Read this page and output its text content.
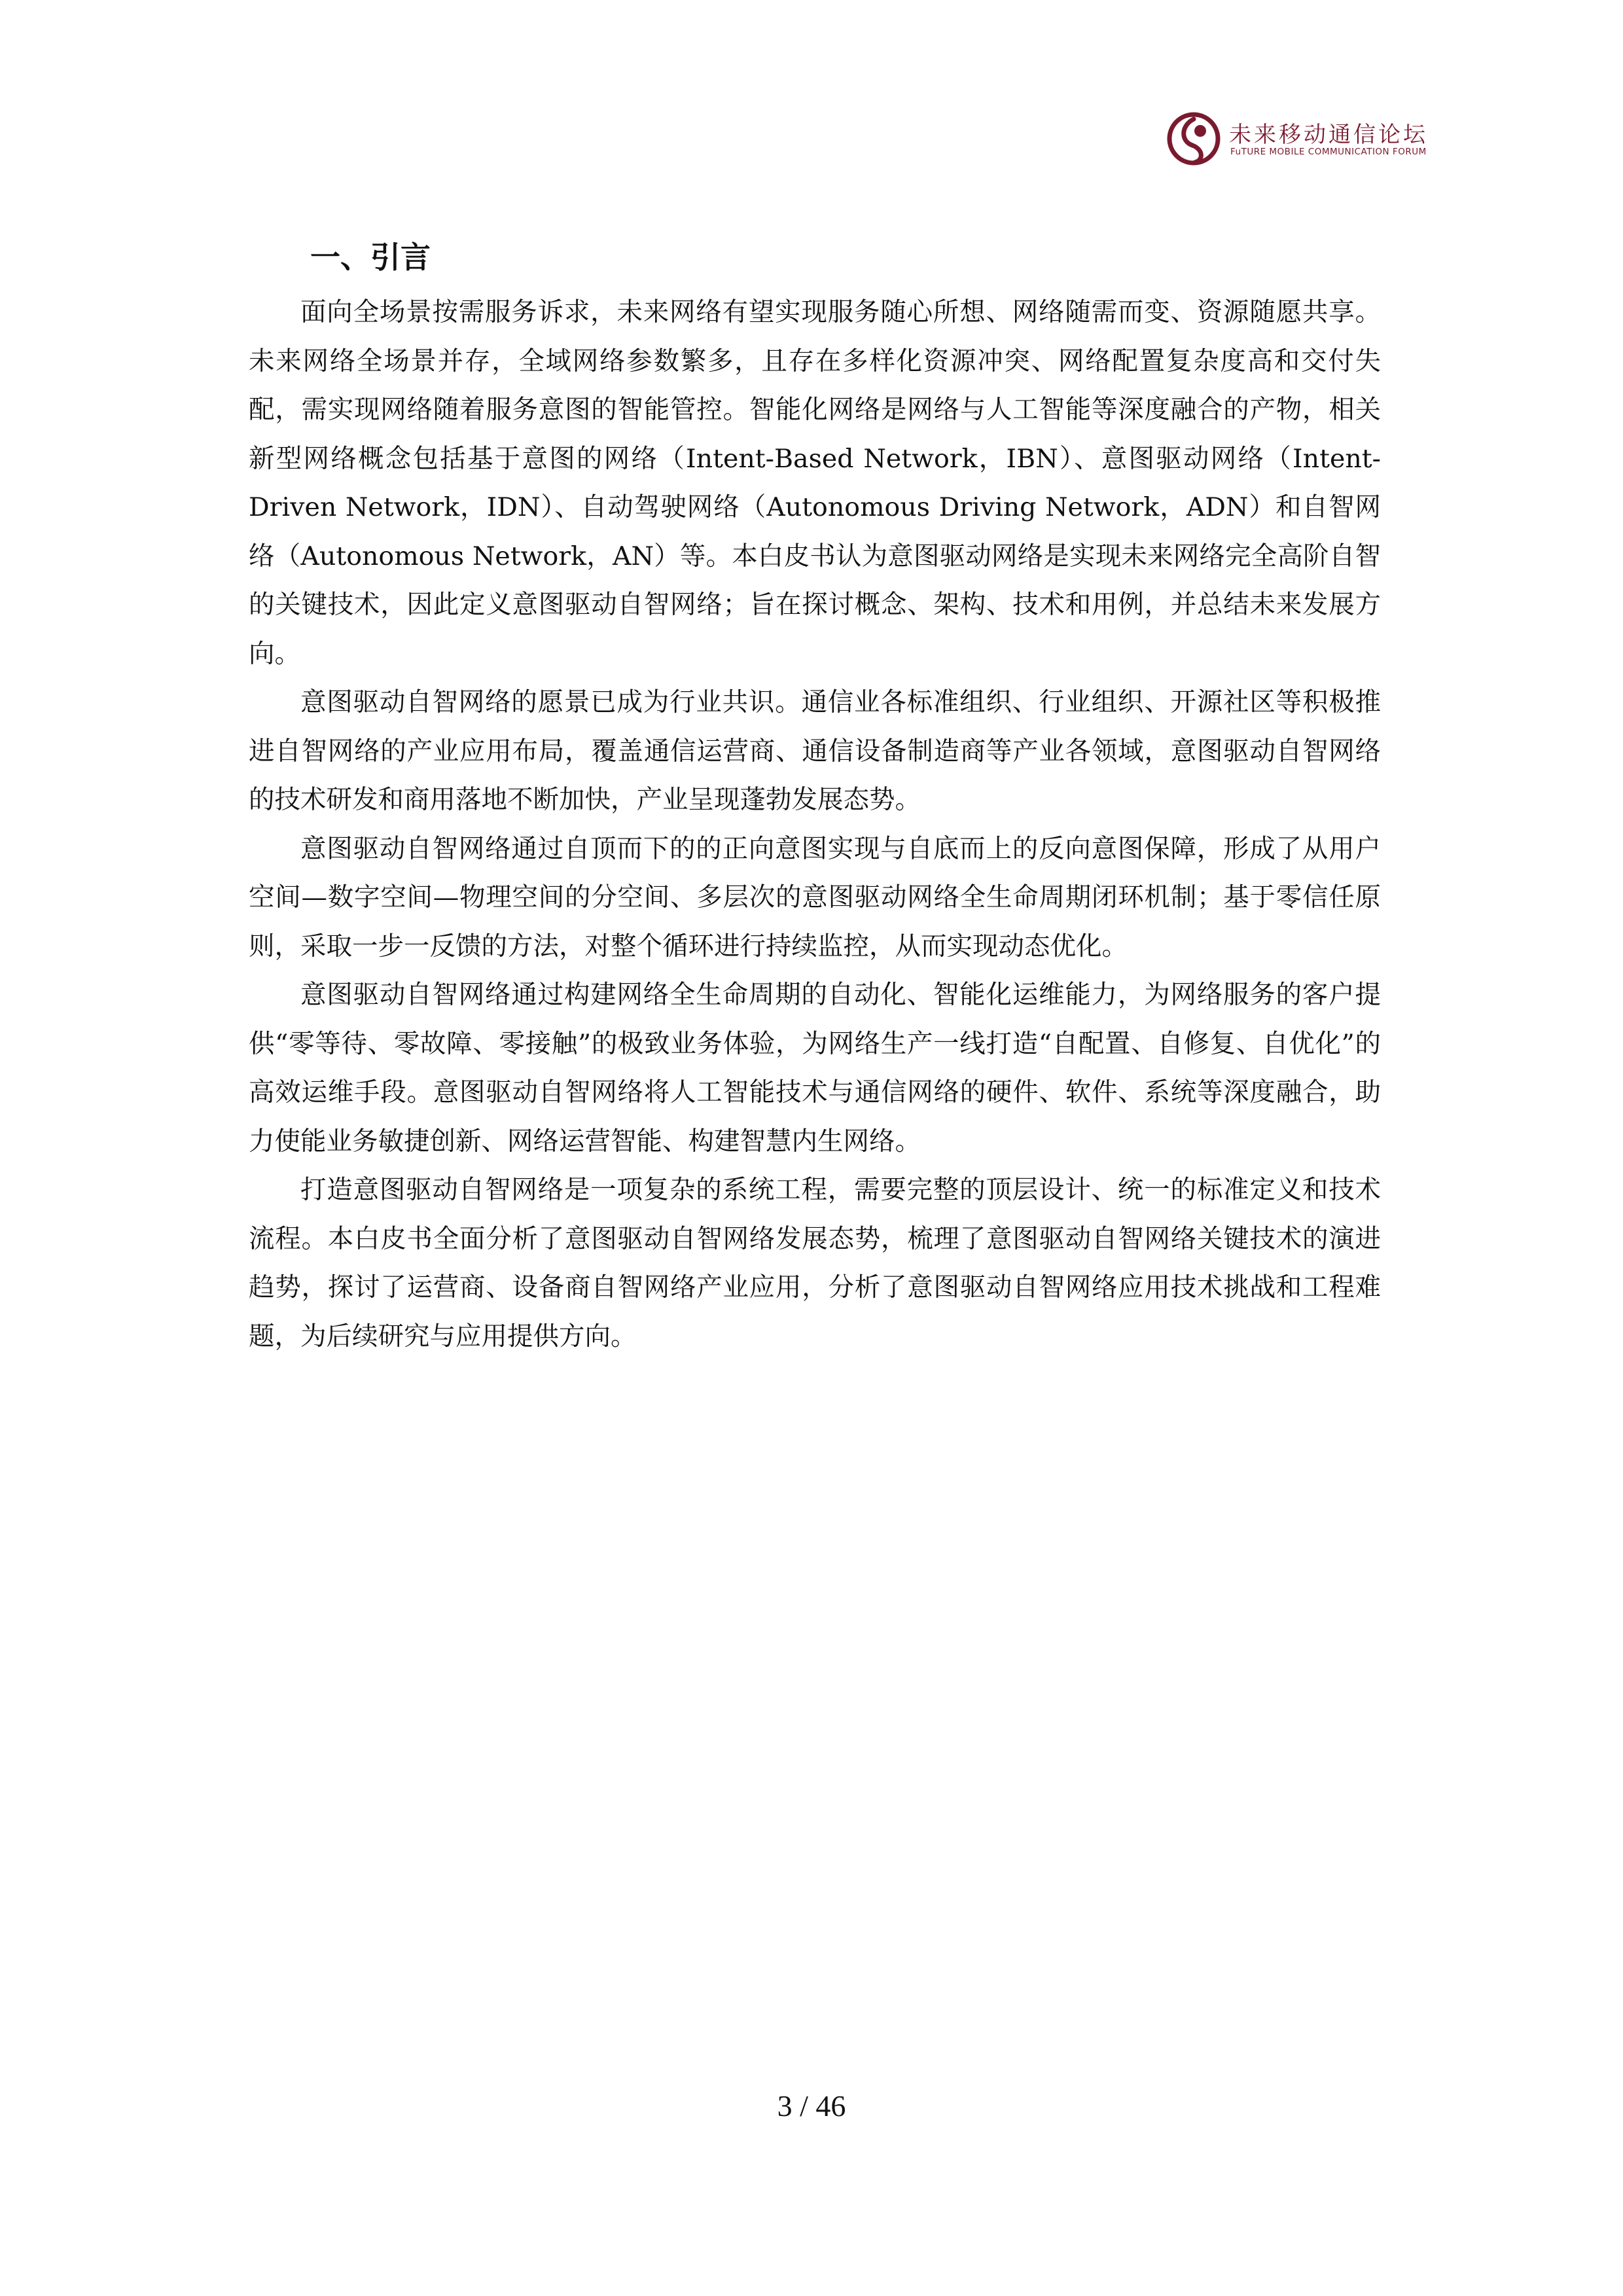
未来移动通信论坛
FuTURE MOBILE COMMUNICATION FORUM
一、引言

面向全场景按需服务诉求，未来网络有望实现服务随心所想、网络随需而变、资源随愿共享。未来网络全场景并存，全域网络参数繁多，且存在多样化资源冲突、网络配置复杂度高和交付失配，需实现网络随着服务意图的智能管控。智能化网络是网络与人工智能等深度融合的产物，相关新型网络概念包括基于意图的网络（Intent-Based Network，IBN）、意图驱动网络（Intent-Driven Network，IDN）、自动驾驶网络（Autonomous Driving Network，ADN）和自智网络（Autonomous Network，AN）等。本白皮书认为意图驱动网络是实现未来网络完全高阶自智的关键技术，因此定义意图驱动自智网络；旨在探讨概念、架构、技术和用例，并总结未来发展方向。

意图驱动自智网络的愿景已成为行业共识。通信业各标准组织、行业组织、开源社区等积极推进自智网络的产业应用布局，覆盖通信运营商、通信设备制造商等产业各领域，意图驱动自智网络的技术研发和商用落地不断加快，产业呈现蓬勃发展态势。

意图驱动自智网络通过自顶而下的的正向意图实现与自底而上的反向意图保障，形成了从用户空间—数字空间—物理空间的分空间、多层次的意图驱动网络全生命周期闭环机制；基于零信任原则，采取一步一反馈的方法，对整个循环进行持续监控，从而实现动态优化。

意图驱动自智网络通过构建网络全生命周期的自动化、智能化运维能力，为网络服务的客户提供“零等待、零故障、零接触”的极致业务体验，为网络生产一线打造“自配置、自修复、自优化”的高效运维手段。意图驱动自智网络将人工智能技术与通信网络的硬件、软件、系统等深度融合，助力使能业务敏捷创新、网络运营智能、构建智慧内生网络。

打造意图驱动自智网络是一项复杂的系统工程，需要完整的顶层设计、统一的标准定义和技术流程。本白皮书全面分析了意图驱动自智网络发展态势，梳理了意图驱动自智网络关键技术的演进趋势，探讨了运营商、设备商自智网络产业应用，分析了意图驱动自智网络应用技术挑战和工程难题，为后续研究与应用提供方向。

3 / 46
